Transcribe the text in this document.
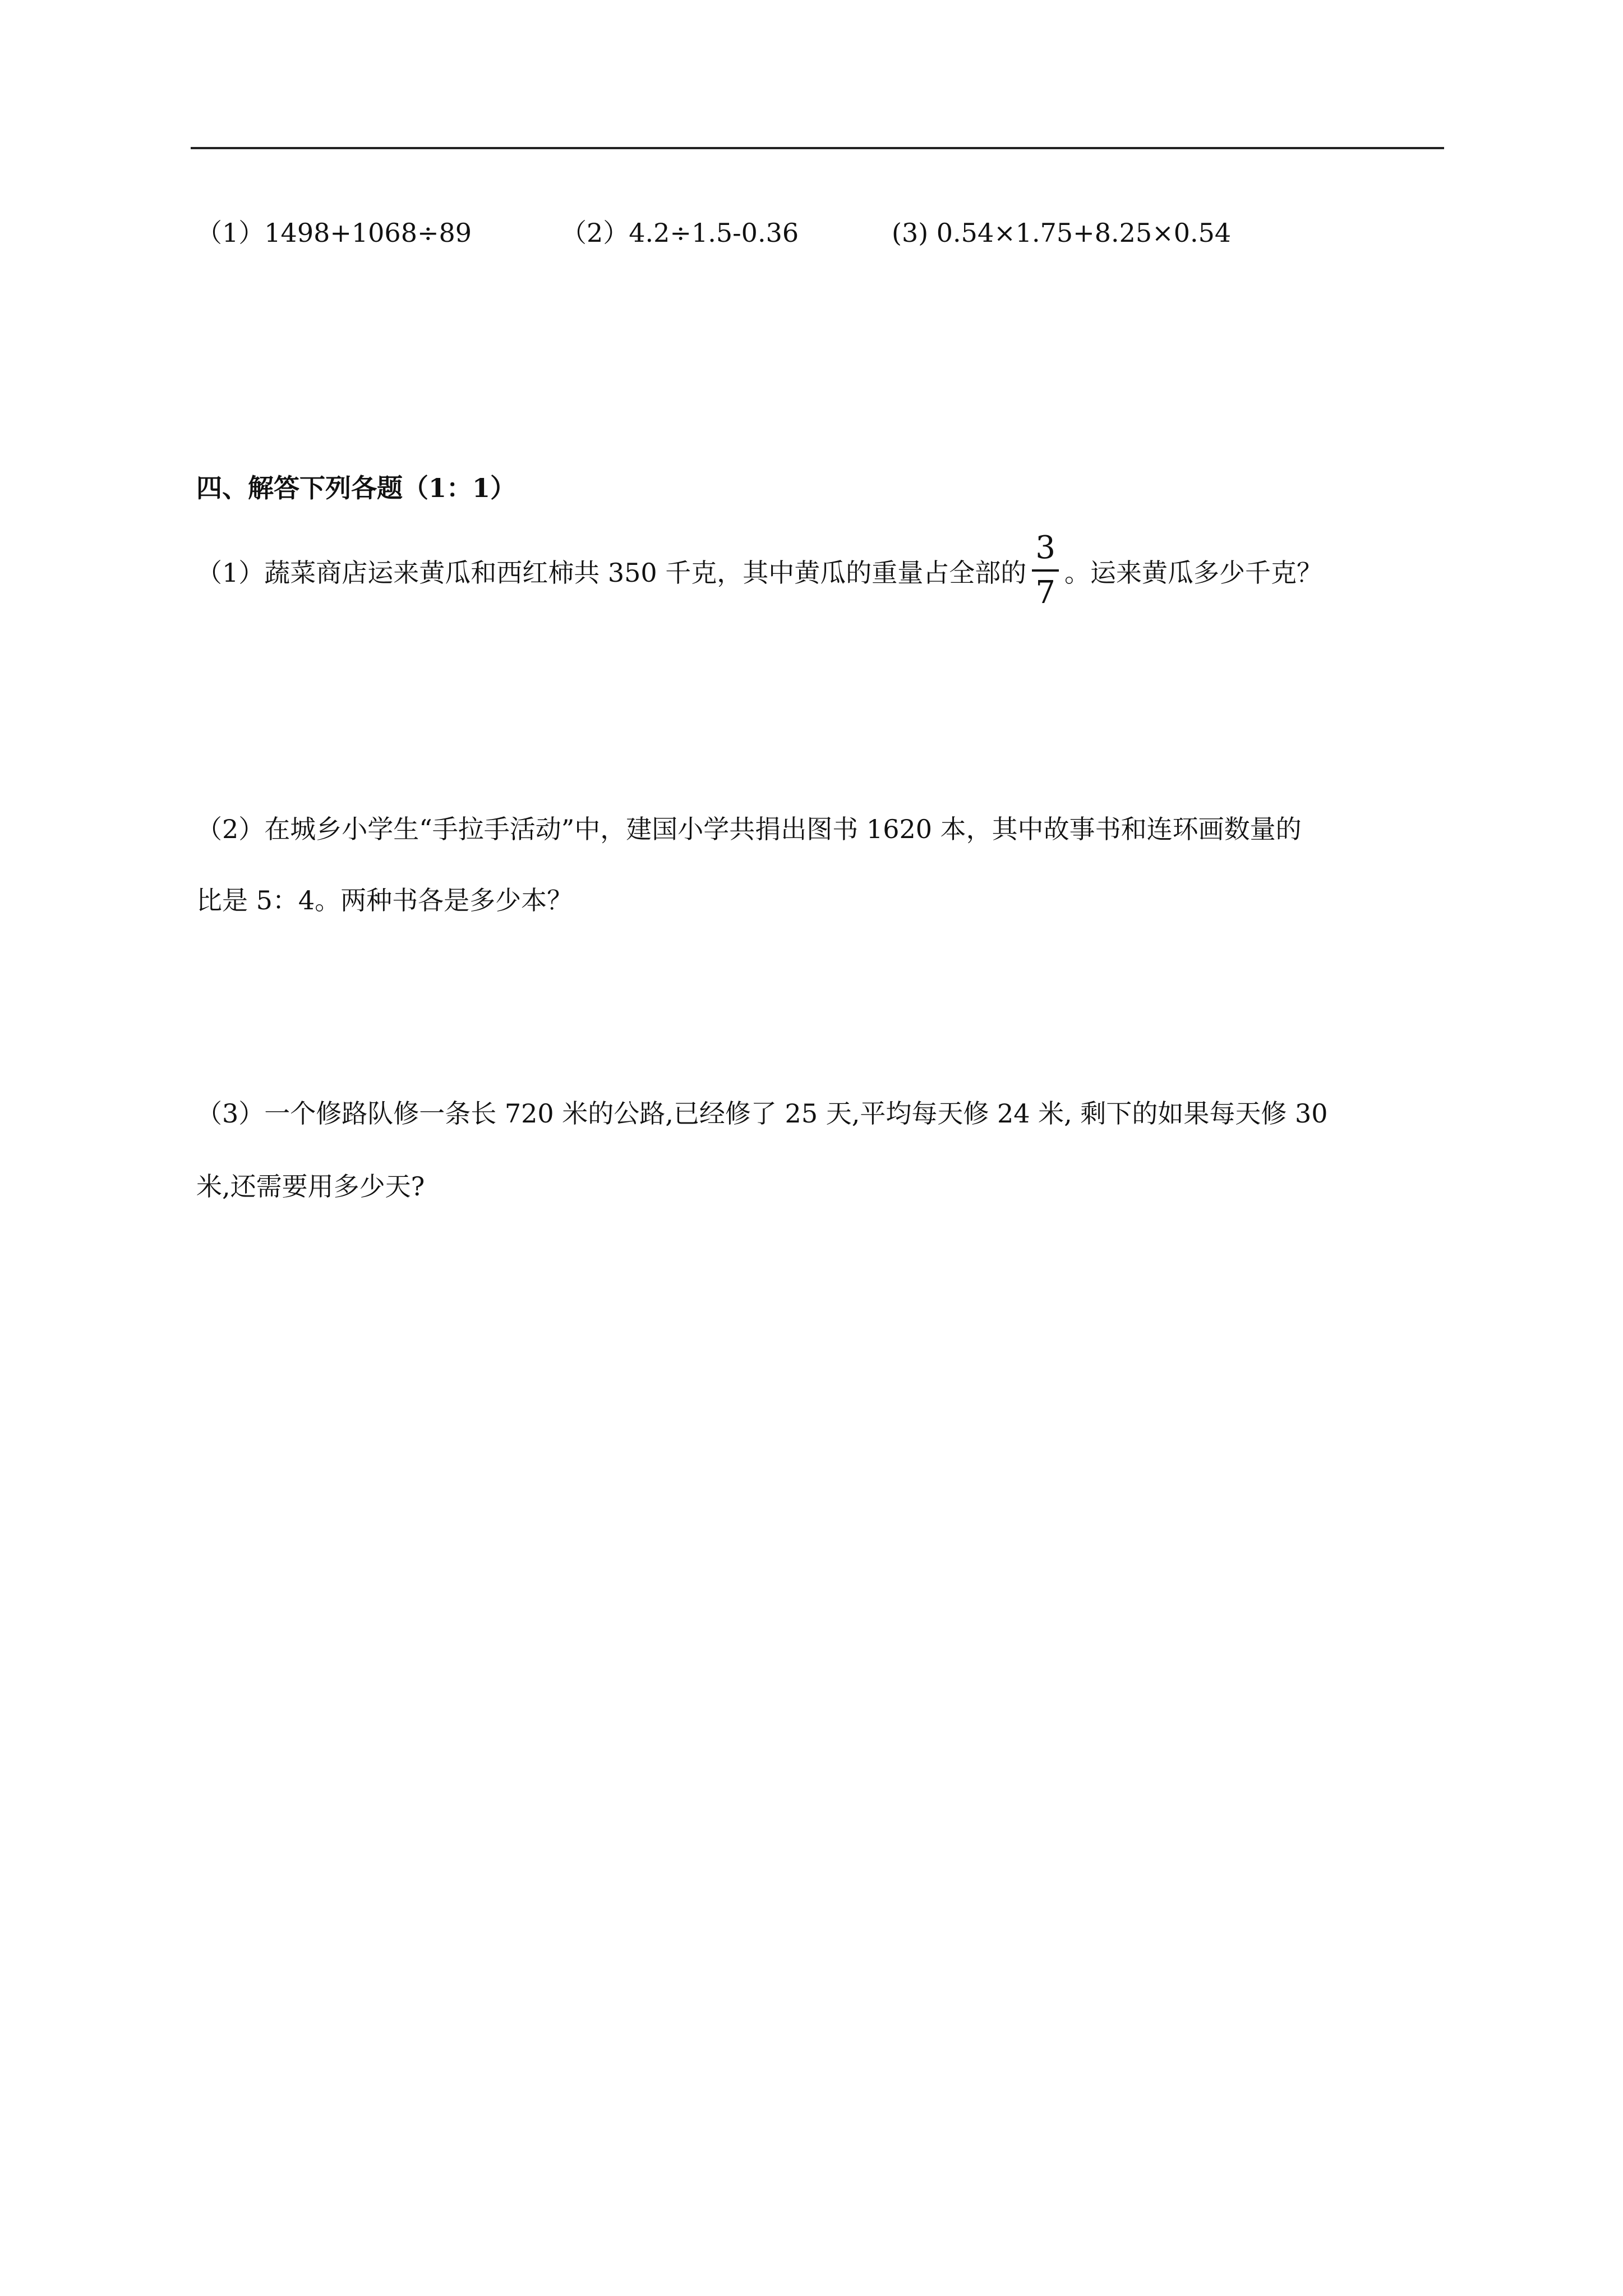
（1）1498+1068÷89	（2）4.2÷1.5-0.36	(3) 0.54×1.75+8.25×0.54
四、解答下列各题（1：1）
（1）蔬菜商店运来黄瓜和西红柿共 350 千克，其中黄瓜的重量占全部的 $\frac{3}{7}$ 。运来黄瓜多少千克？
（2）在城乡小学生“手拉手活动”中，建国小学共捐出图书 1620 本，其中故事书和连环画数量的
比是 5：4。两种书各是多少本？
（3）一个修路队修一条长 720 米的公路,已经修了 25 天,平均每天修 24 米, 剩下的如果每天修 30
米,还需要用多少天?
